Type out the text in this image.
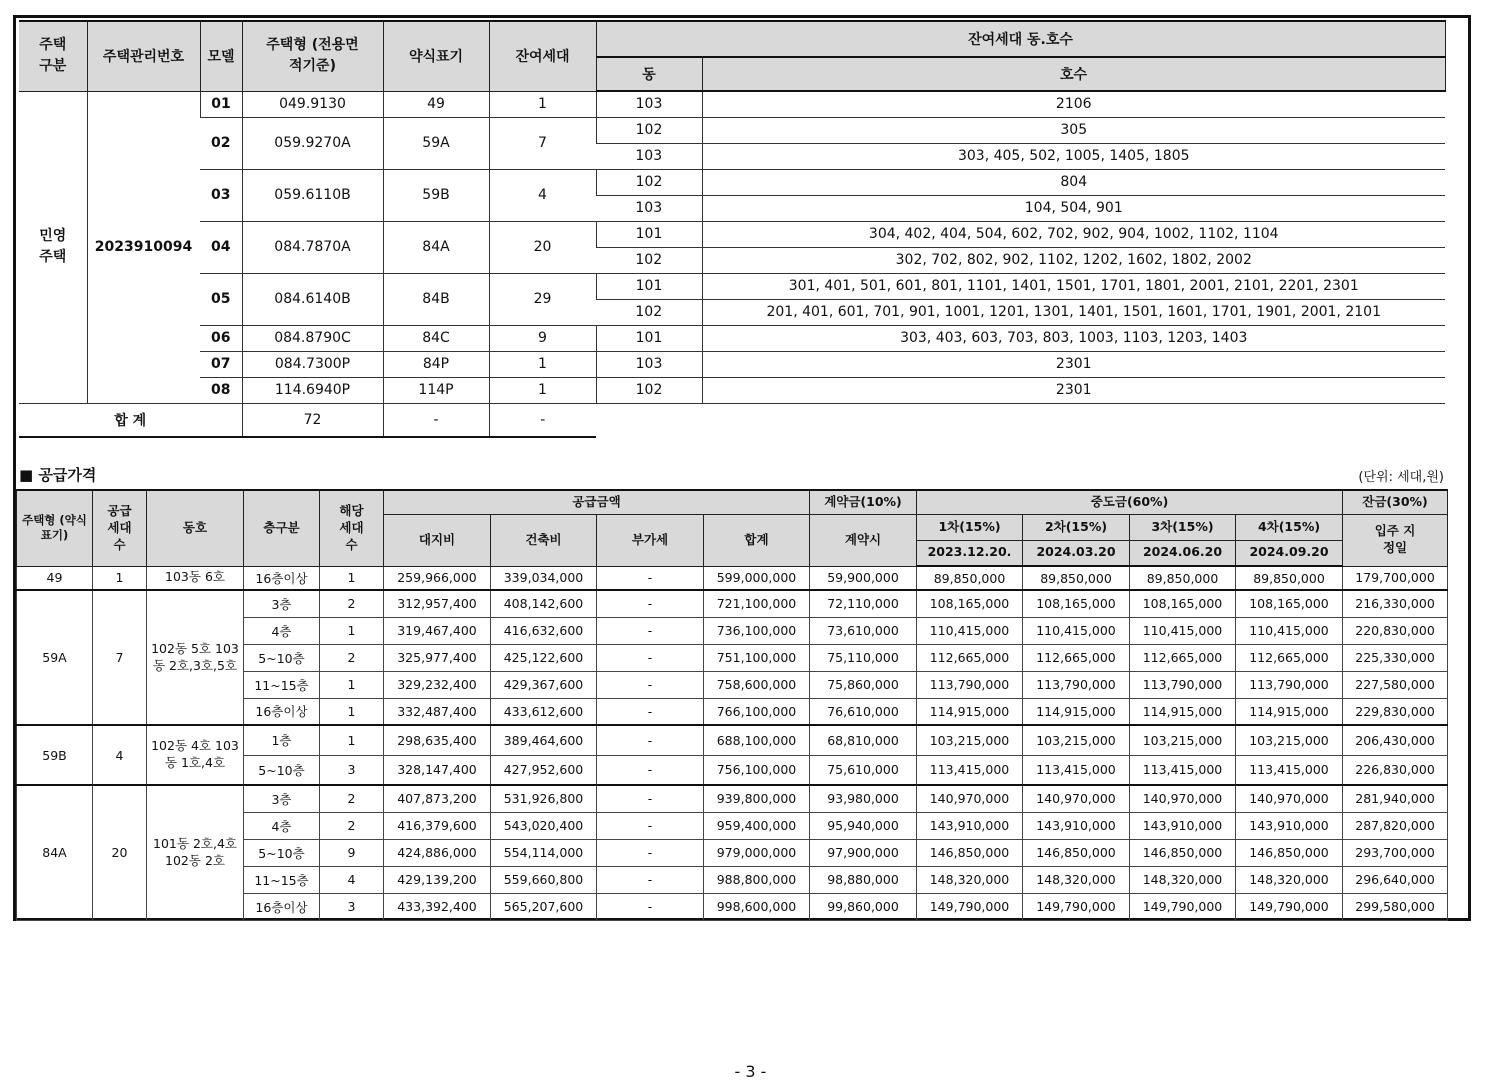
주택 구분	주택관리번호	모델	주택형 (전용면적기준)	약식표기	잔여세대	잔여세대 동.호수	
						동	호수
민영 주택	2023910094	01	049.9130	49	1	103	2106
		02	059.9270A	59A	7	102	305
						103	303, 405, 502, 1005, 1405, 1805
		03	059.6110B	59B	4	102	804
						103	104, 504, 901
		04	084.7870A	84A	20	101	304, 402, 404, 504, 602, 702, 902, 904, 1002, 1102, 1104
						102	302, 702, 802, 902, 1102, 1202, 1602, 1802, 2002
		05	084.6140B	84B	29	101	301, 401, 501, 601, 801, 1101, 1401, 1501, 1701, 1801, 2001, 2101, 2201, 2301
						102	201, 401, 601, 701, 901, 1001, 1201, 1301, 1401, 1501, 1601, 1701, 1901, 2001, 2101
		06	084.8790C	84C	9	101	303, 403, 603, 703, 803, 1003, 1103, 1203, 1403
		07	084.7300P	84P	1	103	2301
		08	114.6940P	114P	1	102	2301
합 계			72	-	-		
■ 공급가격	(단위: 세대,원)
주택형 (약식표기)	공급 세대 수	동호	층구분	해당 세대수	공급금액				계약금(10%)	중도금(60%)				잔금(30%)
					대지비	건축비	부가세	합계	계약시	1차(15%)	2차(15%)	3차(15%)	4차(15%)	입주 지정일
										2023.12.20.	2024.03.20	2024.06.20	2024.09.20	
49	1	103동 6호	16층이상	1	259,966,000	339,034,000	-	599,000,000	59,900,000	89,850,000	89,850,000	89,850,000	89,850,000	179,700,000
59A	7	102동 5호 103동 2호,3호,5호	3층	2	312,957,400	408,142,600	-	721,100,000	72,110,000	108,165,000	108,165,000	108,165,000	108,165,000	216,330,000
			4층	1	319,467,400	416,632,600	-	736,100,000	73,610,000	110,415,000	110,415,000	110,415,000	110,415,000	220,830,000
			5~10층	2	325,977,400	425,122,600	-	751,100,000	75,110,000	112,665,000	112,665,000	112,665,000	112,665,000	225,330,000
			11~15층	1	329,232,400	429,367,600	-	758,600,000	75,860,000	113,790,000	113,790,000	113,790,000	113,790,000	227,580,000
			16층이상	1	332,487,400	433,612,600	-	766,100,000	76,610,000	114,915,000	114,915,000	114,915,000	114,915,000	229,830,000
59B	4	102동 4호 103동 1호,4호	1층	1	298,635,400	389,464,600	-	688,100,000	68,810,000	103,215,000	103,215,000	103,215,000	103,215,000	206,430,000
			5~10층	3	328,147,400	427,952,600	-	756,100,000	75,610,000	113,415,000	113,415,000	113,415,000	113,415,000	226,830,000
84A	20	101동 2호,4호 102동 2호	3층	2	407,873,200	531,926,800	-	939,800,000	93,980,000	140,970,000	140,970,000	140,970,000	140,970,000	281,940,000
			4층	2	416,379,600	543,020,400	-	959,400,000	95,940,000	143,910,000	143,910,000	143,910,000	143,910,000	287,820,000
			5~10층	9	424,886,000	554,114,000	-	979,000,000	97,900,000	146,850,000	146,850,000	146,850,000	146,850,000	293,700,000
			11~15층	4	429,139,200	559,660,800	-	988,800,000	98,880,000	148,320,000	148,320,000	148,320,000	148,320,000	296,640,000
			16층이상	3	433,392,400	565,207,600	-	998,600,000	99,860,000	149,790,000	149,790,000	149,790,000	149,790,000	299,580,000
- 3 -
